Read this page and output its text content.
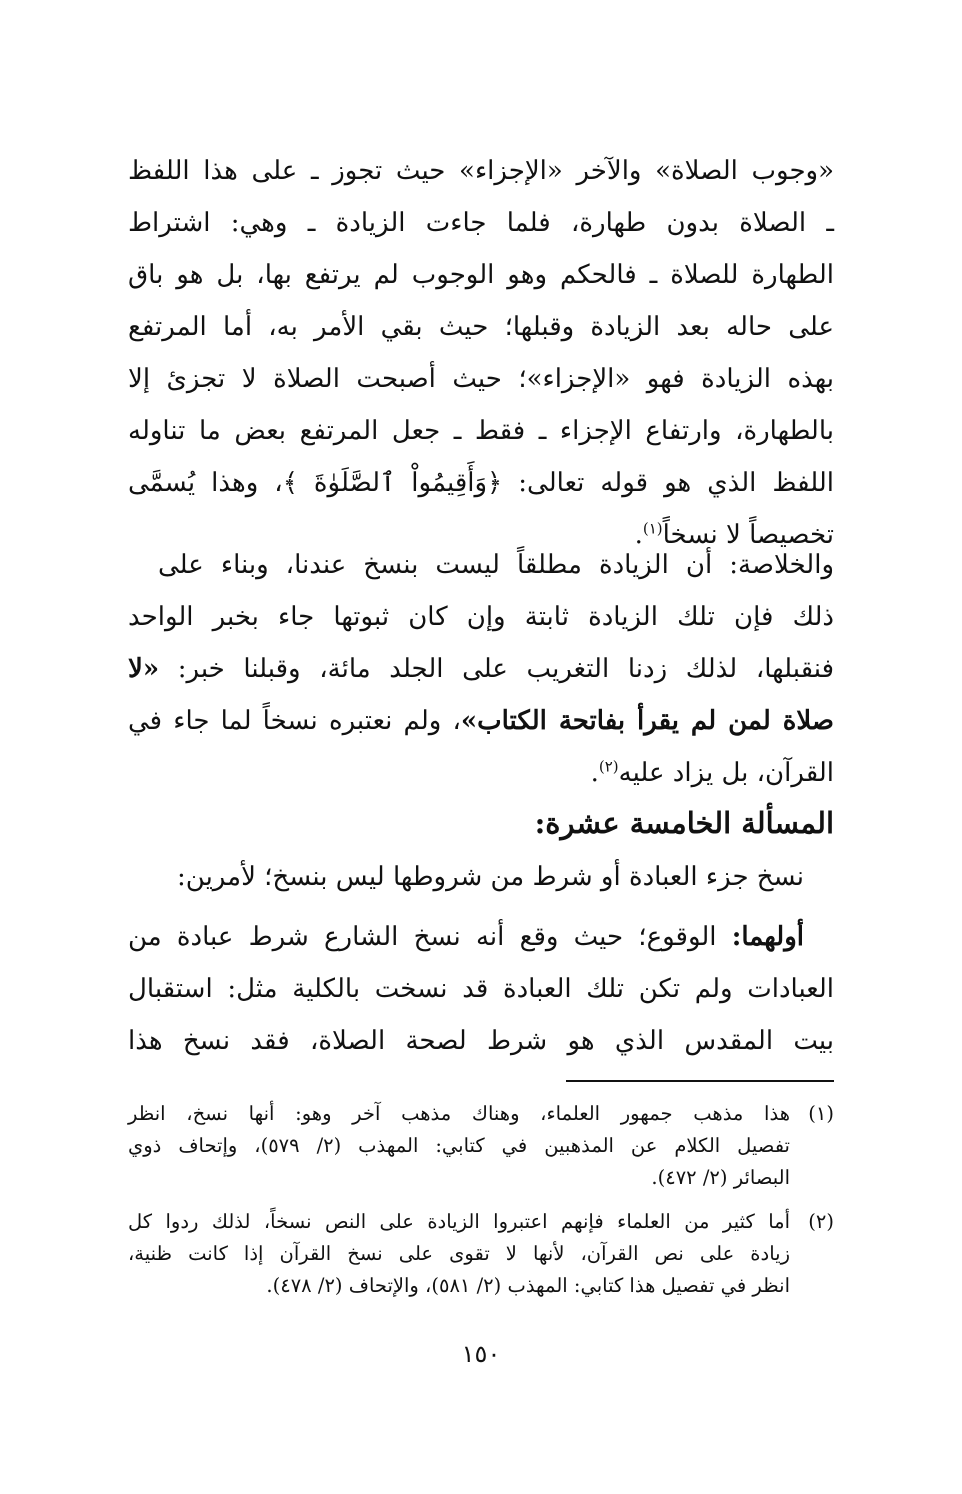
«وجوب الصلاة» والآخر «الإجزاء» حيث تجوز ـ على هذا اللفظ
ـ الصلاة بدون طهارة، فلما جاءت الزيادة ـ وهي: اشتراط
الطهارة للصلاة ـ فالحكم وهو الوجوب لم يرتفع بها، بل هو باق
على حاله بعد الزيادة وقبلها؛ حيث بقي الأمر به، أما المرتفع
بهذه الزيادة فهو «الإجزاء»؛ حيث أصبحت الصلاة لا تجزئ إلا
بالطهارة، وارتفاع الإجزاء ـ فقط ـ جعل المرتفع بعض ما تناوله
اللفظ الذي هو قوله تعالى: ﴿وَأَقِيمُواْ ٱلصَّلَوٰةَ ﴾، وهذا يُسمَّى
تخصيصاً لا نسخاً$^{(١)}$.
والخلاصة: أن الزيادة مطلقاً ليست بنسخ عندنا، وبناء على
ذلك فإن تلك الزيادة ثابتة وإن كان ثبوتها جاء بخبر الواحد
فنقبلها، لذلك زدنا التغريب على الجلد مائة، وقبلنا خبر: «لا
صلاة لمن لم يقرأ بفاتحة الكتاب»، ولم نعتبره نسخاً لما جاء في
القرآن، بل يزاد عليه$^{(٢)}$.
المسألة الخامسة عشرة:
نسخ جزء العبادة أو شرط من شروطها ليس بنسخ؛ لأمرين:
أولهما: الوقوع؛ حيث وقع أنه نسخ الشارع شرط عبادة من
العبادات ولم تكن تلك العبادة قد نسخت بالكلية مثل: استقبال
بيت المقدس الذي هو شرط لصحة الصلاة، فقد نسخ هذا
(١)
هذا مذهب جمهور العلماء، وهناك مذهب آخر وهو: أنها نسخ، انظر
تفصيل الكلام عن المذهبين في كتابي: المهذب (٢/ ٥٧٩)، وإتحاف ذوي
البصائر (٢/ ٤٧٢).
(٢)
أما كثير من العلماء فإنهم اعتبروا الزيادة على النص نسخاً، لذلك ردوا كل
زيادة على نص القرآن، لأنها لا تقوى على نسخ القرآن إذا كانت ظنية،
انظر في تفصيل هذا كتابي: المهذب (٢/ ٥٨١)، والإتحاف (٢/ ٤٧٨).
١٥٠
